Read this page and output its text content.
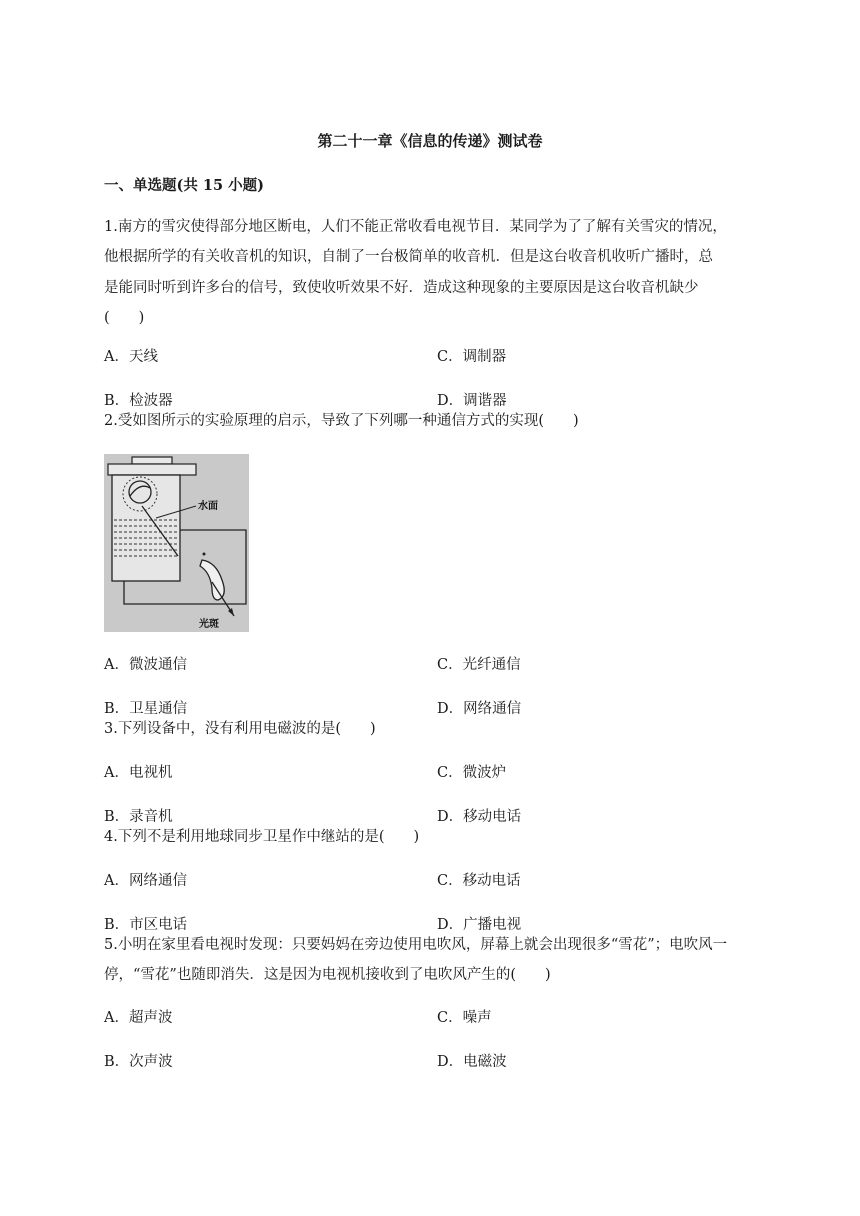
第二十一章《信息的传递》测试卷
一、单选题(共 15 小题)
1.南方的雪灾使得部分地区断电，人们不能正常收看电视节目．某同学为了了解有关雪灾的情况，
他根据所学的有关收音机的知识，自制了一台极简单的收音机．但是这台收音机收听广播时，总
是能同时听到许多台的信号，致使收听效果不好．造成这种现象的主要原因是这台收音机缺少
(　　)
A．天线	C．调制器
B．检波器	D．调谐器
2.受如图所示的实验原理的启示，导致了下列哪一种通信方式的实现(　　)
水面
光斑
A．微波通信	C．光纤通信
B．卫星通信	D．网络通信
3.下列设备中，没有利用电磁波的是(　　)
A．电视机	C．微波炉
B．录音机	D．移动电话
4.下列不是利用地球同步卫星作中继站的是(　　)
A．网络通信	C．移动电话
B．市区电话	D．广播电视
5.小明在家里看电视时发现：只要妈妈在旁边使用电吹风，屏幕上就会出现很多“雪花”；电吹风一
停，“雪花”也随即消失．这是因为电视机接收到了电吹风产生的(　　)
A．超声波	C．噪声
B．次声波	D．电磁波
